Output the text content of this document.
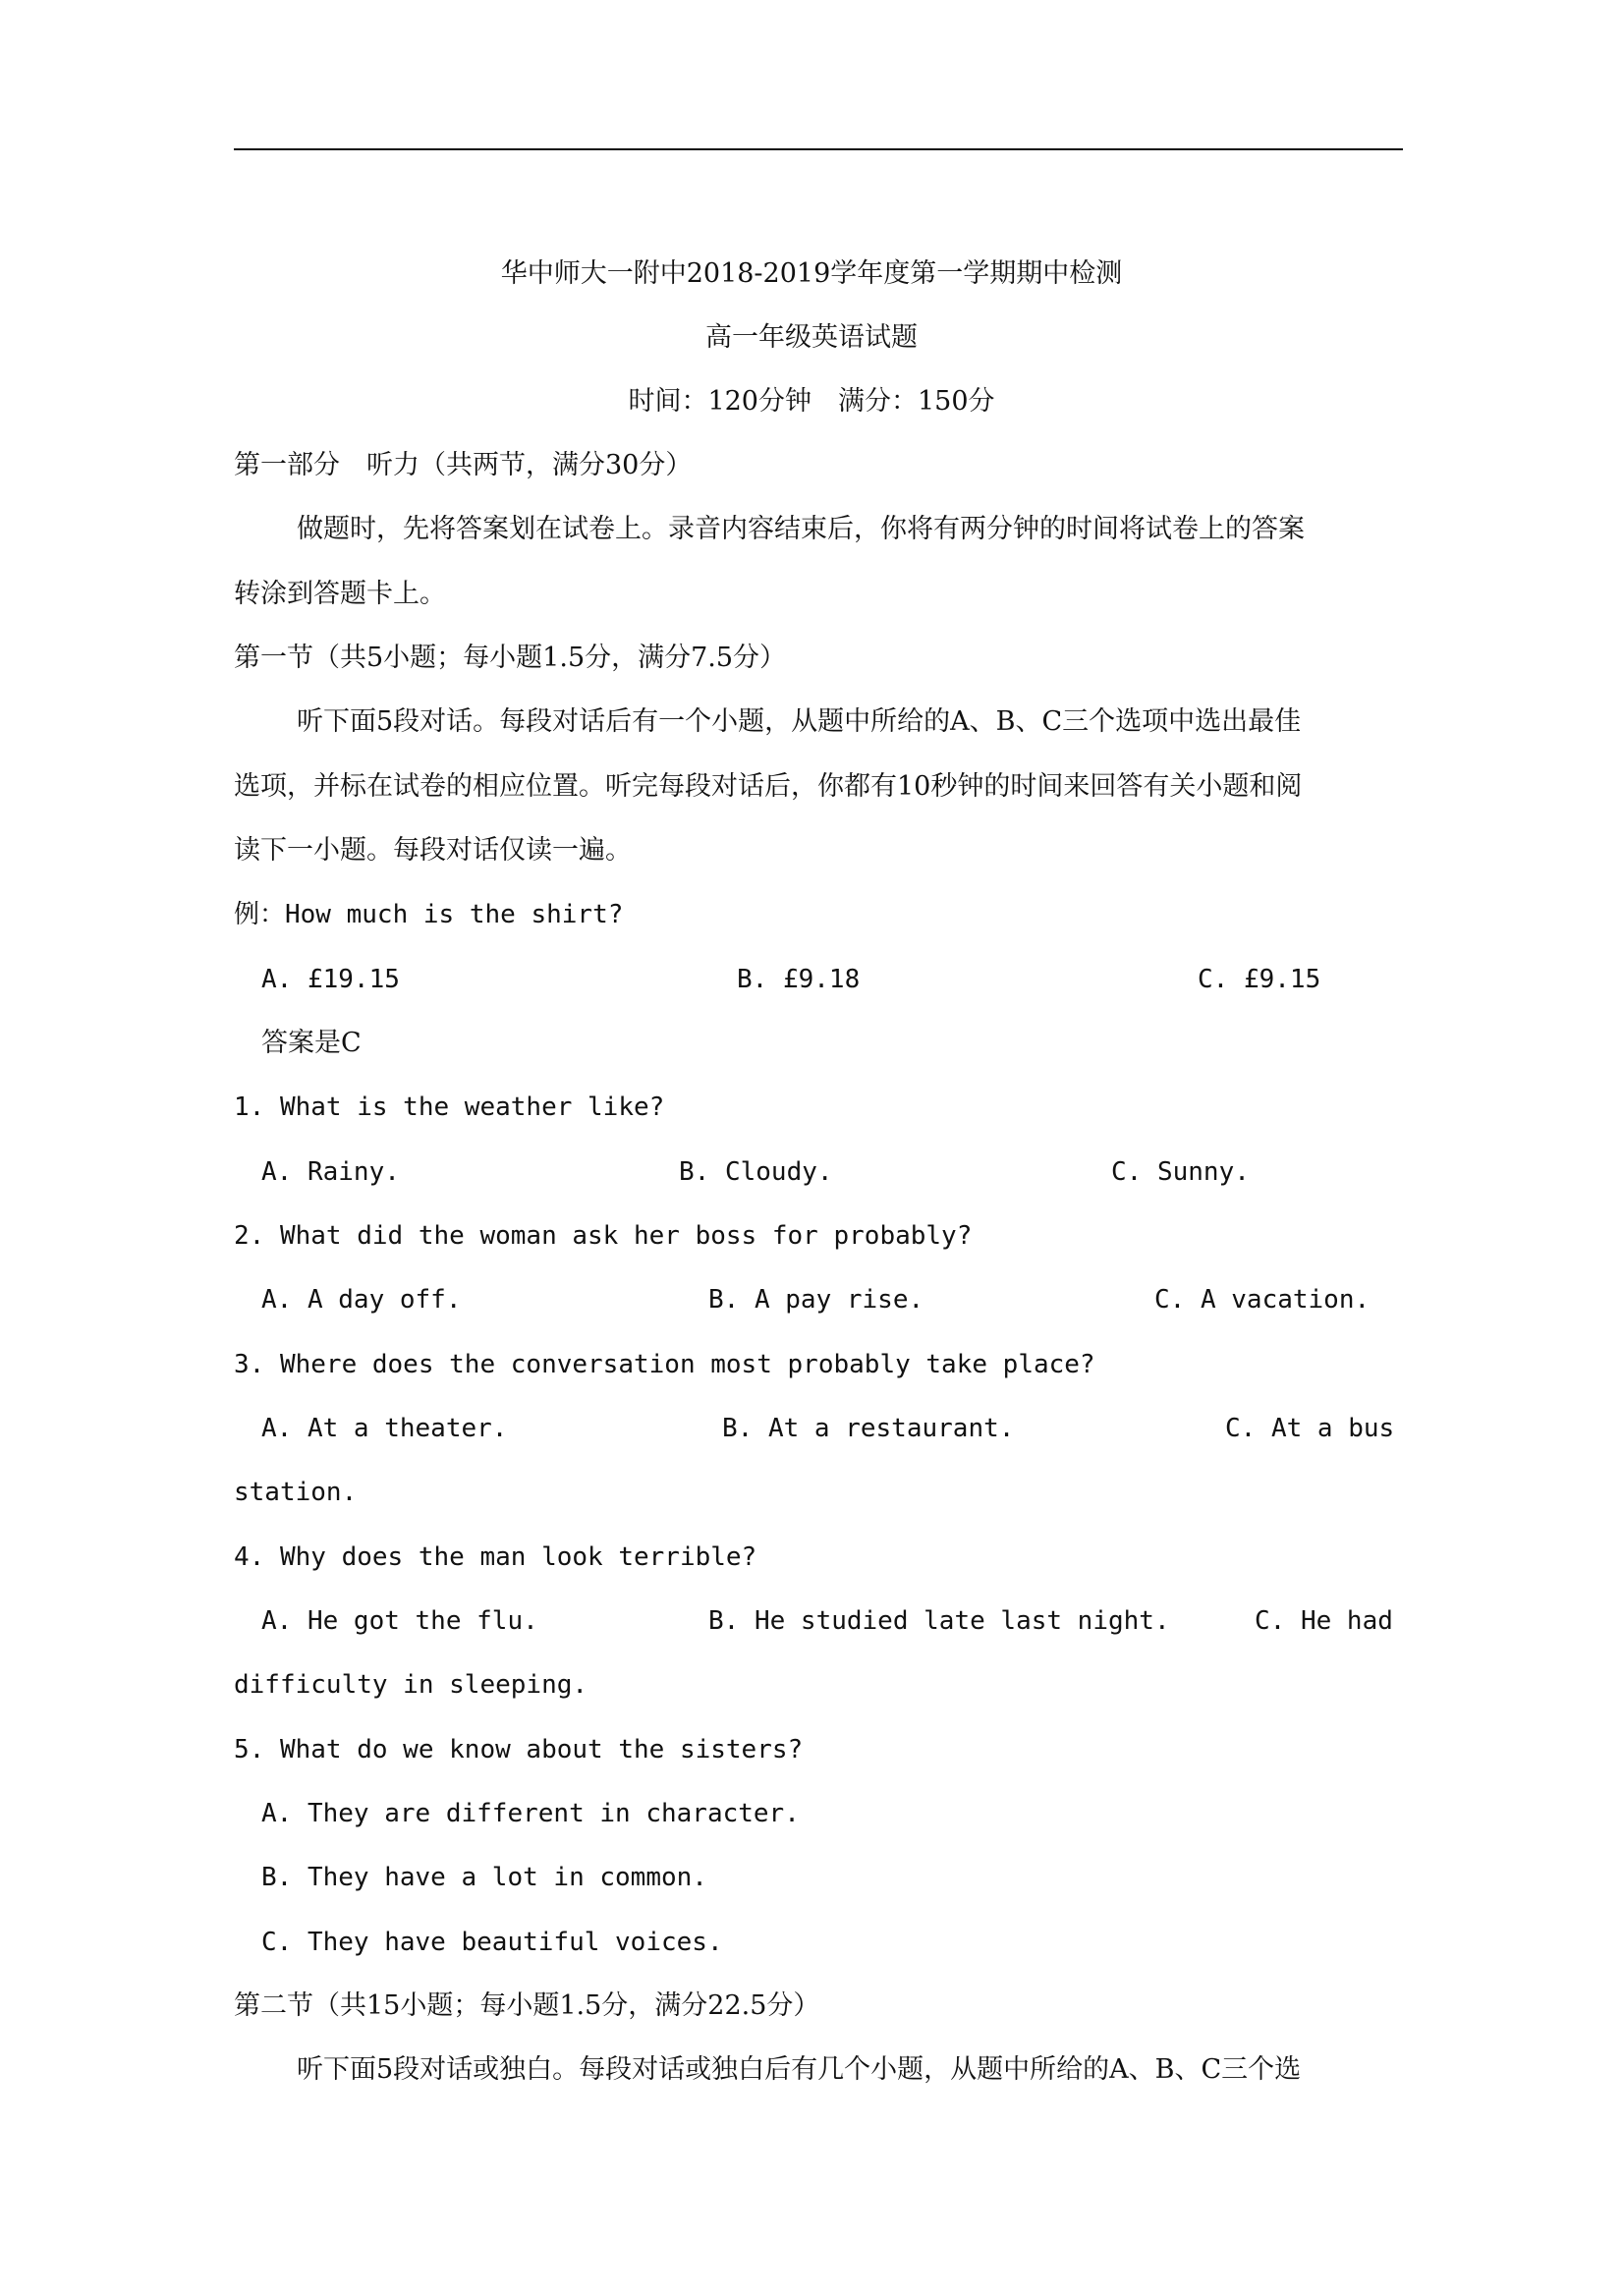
华中师大一附中2018-2019学年度第一学期期中检测
高一年级英语试题
时间：120分钟　满分：150分
第一部分　听力（共两节，满分30分）
做题时，先将答案划在试卷上。录音内容结束后，你将有两分钟的时间将试卷上的答案
转涂到答题卡上。
第一节（共5小题；每小题1.5分，满分7.5分）
听下面5段对话。每段对话后有一个小题，从题中所给的A、B、C三个选项中选出最佳
选项，并标在试卷的相应位置。听完每段对话后，你都有10秒钟的时间来回答有关小题和阅
读下一小题。每段对话仅读一遍。
例：How much is the shirt?
A. £19.15	B. £9.18	C. £9.15
答案是C
1. What is the weather like?
A. Rainy.	B. Cloudy.	C. Sunny.
2. What did the woman ask her boss for probably?
A. A day off.	B. A pay rise.	C. A vacation.
3. Where does the conversation most probably take place?
A. At a theater.	B. At a restaurant.	C. At a bus
station.
4. Why does the man look terrible?
A. He got the flu.	B. He studied late last night.	C. He had
difficulty in sleeping.
5. What do we know about the sisters?
A. They are different in character.
B. They have a lot in common.
C. They have beautiful voices.
第二节（共15小题；每小题1.5分，满分22.5分）
听下面5段对话或独白。每段对话或独白后有几个小题，从题中所给的A、B、C三个选
